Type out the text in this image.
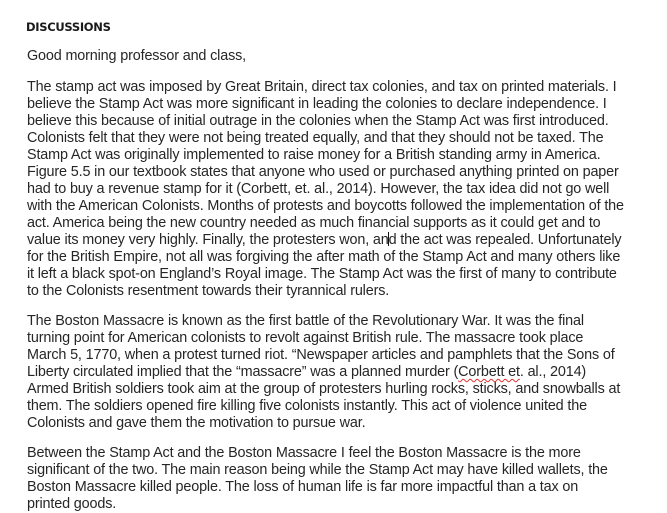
DISCUSSIONS
Good morning professor and class,
The stamp act was imposed by Great Britain, direct tax colonies, and tax on printed materials. I
believe the Stamp Act was more significant in leading the colonies to declare independence. I
believe this because of initial outrage in the colonies when the Stamp Act was first introduced.
Colonists felt that they were not being treated equally, and that they should not be taxed. The
Stamp Act was originally implemented to raise money for a British standing army in America.
Figure 5.5 in our textbook states that anyone who used or purchased anything printed on paper
had to buy a revenue stamp for it (Corbett, et. al., 2014). However, the tax idea did not go well
with the American Colonists. Months of protests and boycotts followed the implementation of the
act. America being the new country needed as much financial supports as it could get and to
value its money very highly. Finally, the protesters won, and the act was repealed. Unfortunately
for the British Empire, not all was forgiving the after math of the Stamp Act and many others like
it left a black spot-on England’s Royal image. The Stamp Act was the first of many to contribute
to the Colonists resentment towards their tyrannical rulers.
The Boston Massacre is known as the first battle of the Revolutionary War. It was the final
turning point for American colonists to revolt against British rule. The massacre took place
March 5, 1770, when a protest turned riot. “Newspaper articles and pamphlets that the Sons of
Liberty circulated implied that the “massacre” was a planned murder (Corbett et. al., 2014)
Armed British soldiers took aim at the group of protesters hurling rocks, sticks, and snowballs at
them. The soldiers opened fire killing five colonists instantly. This act of violence united the
Colonists and gave them the motivation to pursue war.
Between the Stamp Act and the Boston Massacre I feel the Boston Massacre is the more
significant of the two. The main reason being while the Stamp Act may have killed wallets, the
Boston Massacre killed people. The loss of human life is far more impactful than a tax on
printed goods.
